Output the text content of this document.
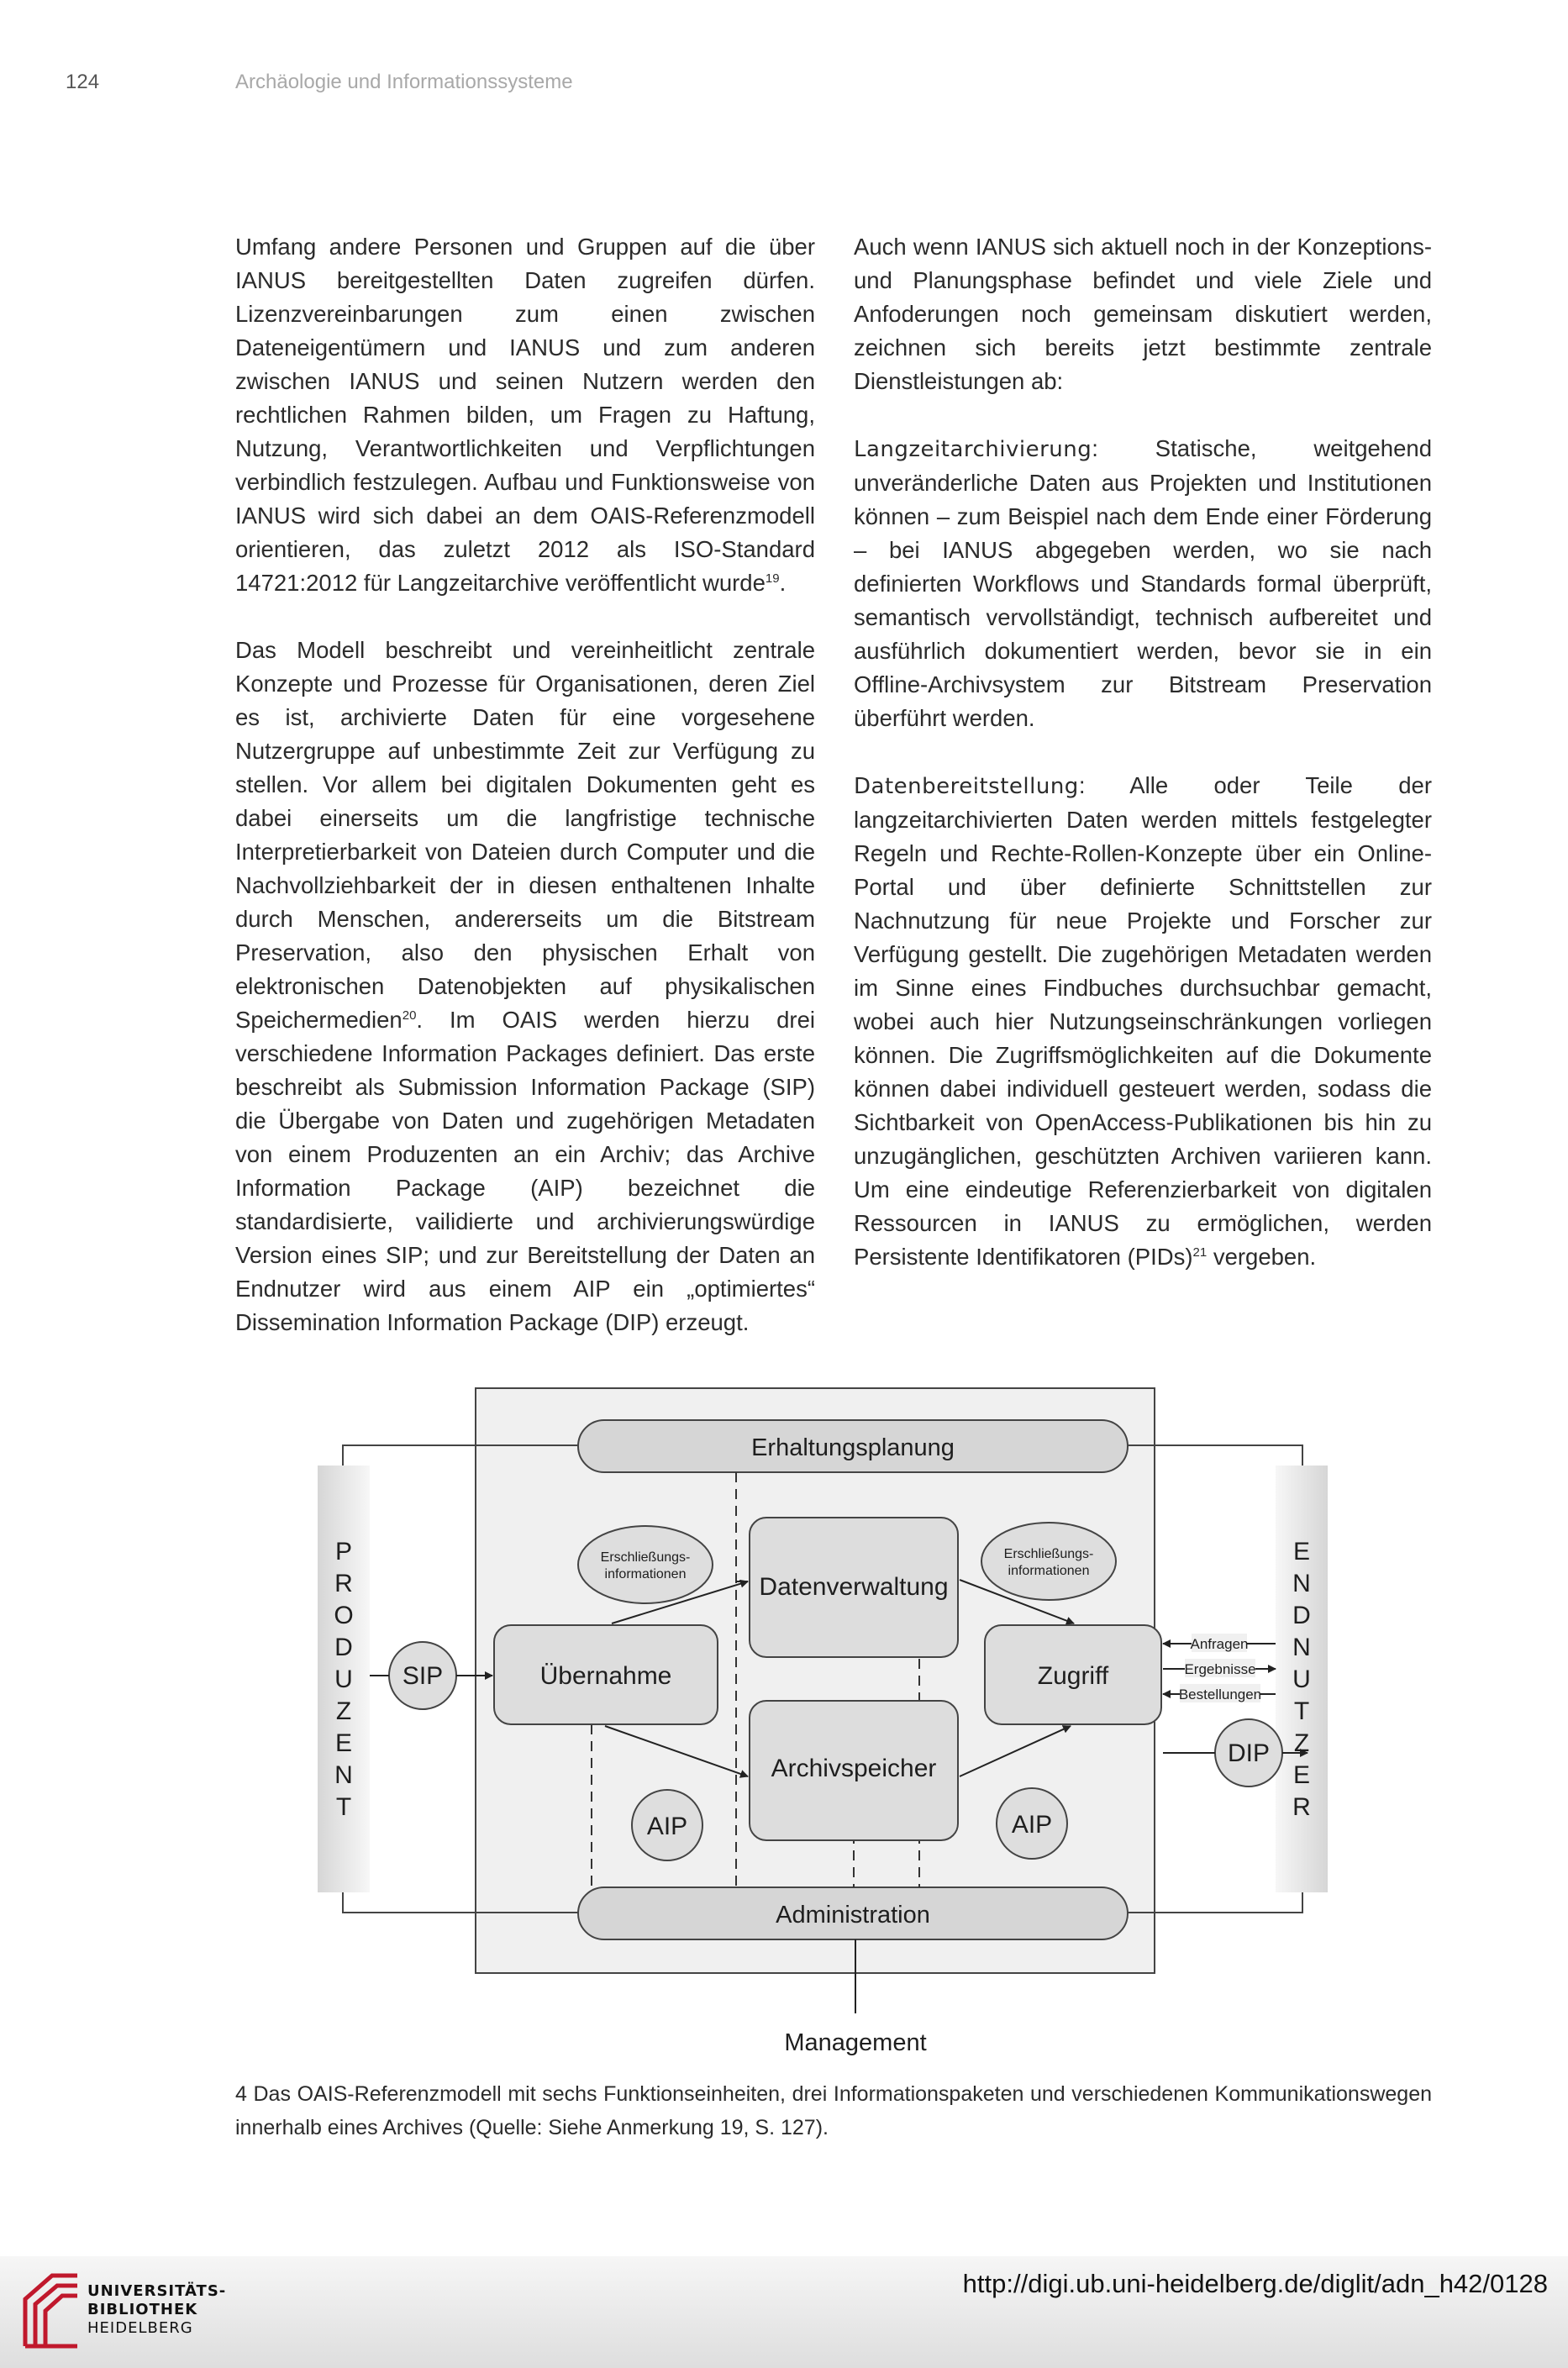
124	Archäologie und Informationssysteme

Umfang andere Personen und Gruppen auf die über IANUS bereitgestellten Daten zugreifen dürfen. Lizenzvereinbarungen zum einen zwischen Dateneigentümern und IANUS und zum anderen zwischen IANUS und seinen Nutzern werden den rechtlichen Rahmen bilden, um Fragen zu Haftung, Nutzung, Verantwortlichkeiten und Verpflichtungen verbindlich festzulegen. Aufbau und Funktionsweise von IANUS wird sich dabei an dem OAIS-Referenzmodell orientieren, das zuletzt 2012 als ISO-Standard 14721:2012 für Langzeitarchive veröffentlicht wurde$^{19}$.

Das Modell beschreibt und vereinheitlicht zentrale Konzepte und Prozesse für Organisationen, deren Ziel es ist, archivierte Daten für eine vorgesehene Nutzergruppe auf unbestimmte Zeit zur Verfügung zu stellen. Vor allem bei digitalen Dokumenten geht es dabei einerseits um die langfristige technische Interpretierbarkeit von Dateien durch Computer und die Nachvollziehbarkeit der in diesen enthaltenen Inhalte durch Menschen, andererseits um die Bitstream Preservation, also den physischen Erhalt von elektronischen Datenobjekten auf physikalischen Speichermedien$^{20}$. Im OAIS werden hierzu drei verschiedene Information Packages definiert. Das erste beschreibt als Submission Information Package (SIP) die Übergabe von Daten und zugehörigen Metadaten von einem Produzenten an ein Archiv; das Archive Information Package (AIP) bezeichnet die standardisierte, vailidierte und archivierungswürdige Version eines SIP; und zur Bereitstellung der Daten an Endnutzer wird aus einem AIP ein „optimiertes“ Dissemination Information Package (DIP) erzeugt.

Auch wenn IANUS sich aktuell noch in der Konzeptions- und Planungsphase befindet und viele Ziele und Anfoderungen noch gemeinsam diskutiert werden, zeichnen sich bereits jetzt bestimmte zentrale Dienstleistungen ab:

Langzeitarchivierung: Statische, weitgehend unveränderliche Daten aus Projekten und Institutionen können – zum Beispiel nach dem Ende einer Förderung – bei IANUS abgegeben werden, wo sie nach definierten Workflows und Standards formal überprüft, semantisch vervollständigt, technisch aufbereitet und ausführlich dokumentiert werden, bevor sie in ein Offline-Archivsystem zur Bitstream Preservation überführt werden.

Datenbereitstellung: Alle oder Teile der langzeitarchivierten Daten werden mittels festgelegter Regeln und Rechte-Rollen-Konzepte über ein Online-Portal und über definierte Schnittstellen zur Nachnutzung für neue Projekte und Forscher zur Verfügung gestellt. Die zugehörigen Metadaten werden im Sinne eines Findbuches durchsuchbar gemacht, wobei auch hier Nutzungseinschränkungen vorliegen können. Die Zugriffsmöglichkeiten auf die Dokumente können dabei individuell gesteuert werden, sodass die Sichtbarkeit von OpenAccess-Publikationen bis hin zu unzugänglichen, geschützten Archiven variieren kann. Um eine eindeutige Referenzierbarkeit von digitalen Ressourcen in IANUS zu ermöglichen, werden Persistente Identifikatoren (PIDs)$^{21}$ vergeben.

Erhaltungsplanung
Administration
Management
Übernahme
Datenverwaltung
Archivspeicher
Zugriff
Erschließungs-
informationen
Erschließungs-
informationen
SIP
AIP	AIP
DIP
Anfragen
Ergebnisse
Bestellungen
P
R
O
D
U
Z
E
N
T
E
N
D
N
U
T
Z
E
R
4 Das OAIS-Referenzmodell mit sechs Funktionseinheiten, drei Informationspaketen und verschiedenen Kommunikationswegen innerhalb eines Archives (Quelle: Siehe Anmerkung 19, S. 127).
UNIVERSITÄTS-
BIBLIOTHEK
HEIDELBERG
http://digi.ub.uni-heidelberg.de/diglit/adn_h42/0128
